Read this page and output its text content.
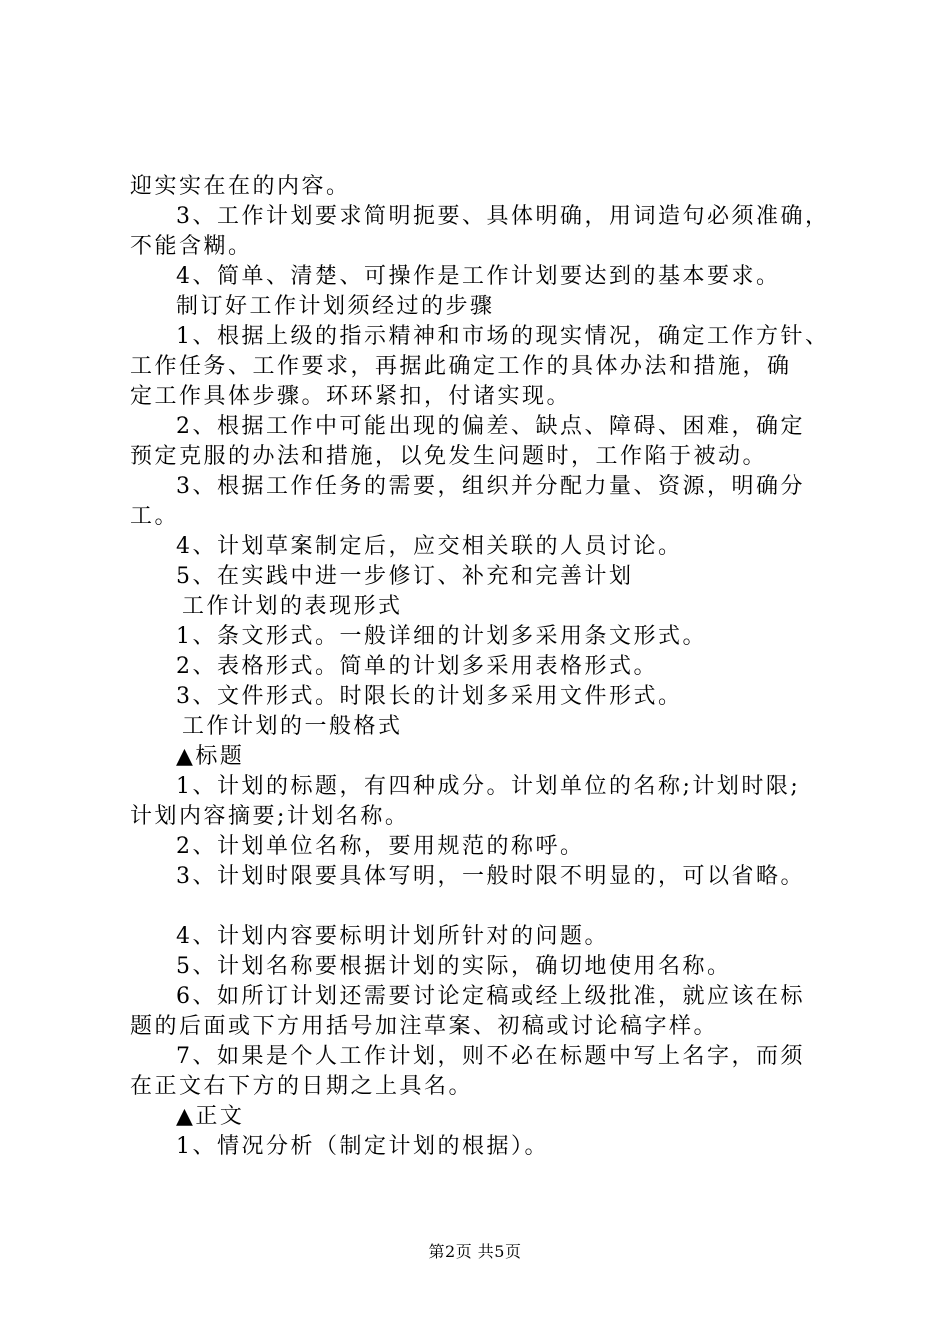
迎实实在在的内容。
3、工作计划要求简明扼要、具体明确，用词造句必须准确，
不能含糊。
4、简单、清楚、可操作是工作计划要达到的基本要求。
制订好工作计划须经过的步骤
1、根据上级的指示精神和市场的现实情况，确定工作方针、
工作任务、工作要求，再据此确定工作的具体办法和措施，确
定工作具体步骤。环环紧扣，付诸实现。
2、根据工作中可能出现的偏差、缺点、障碍、困难，确定
预定克服的办法和措施，以免发生问题时，工作陷于被动。
3、根据工作任务的需要，组织并分配力量、资源，明确分
工。
4、计划草案制定后，应交相关联的人员讨论。
5、在实践中进一步修订、补充和完善计划
工作计划的表现形式
1、条文形式。一般详细的计划多采用条文形式。
2、表格形式。简单的计划多采用表格形式。
3、文件形式。时限长的计划多采用文件形式。
工作计划的一般格式
▲标题
1、计划的标题，有四种成分。计划单位的名称;计划时限;
计划内容摘要;计划名称。
2、计划单位名称，要用规范的称呼。
3、计划时限要具体写明，一般时限不明显的，可以省略。
4、计划内容要标明计划所针对的问题。
5、计划名称要根据计划的实际，确切地使用名称。
6、如所订计划还需要讨论定稿或经上级批准，就应该在标
题的后面或下方用括号加注草案、初稿或讨论稿字样。
7、如果是个人工作计划，则不必在标题中写上名字，而须
在正文右下方的日期之上具名。
▲正文
1、情况分析（制定计划的根据）。
第2页 共5页
